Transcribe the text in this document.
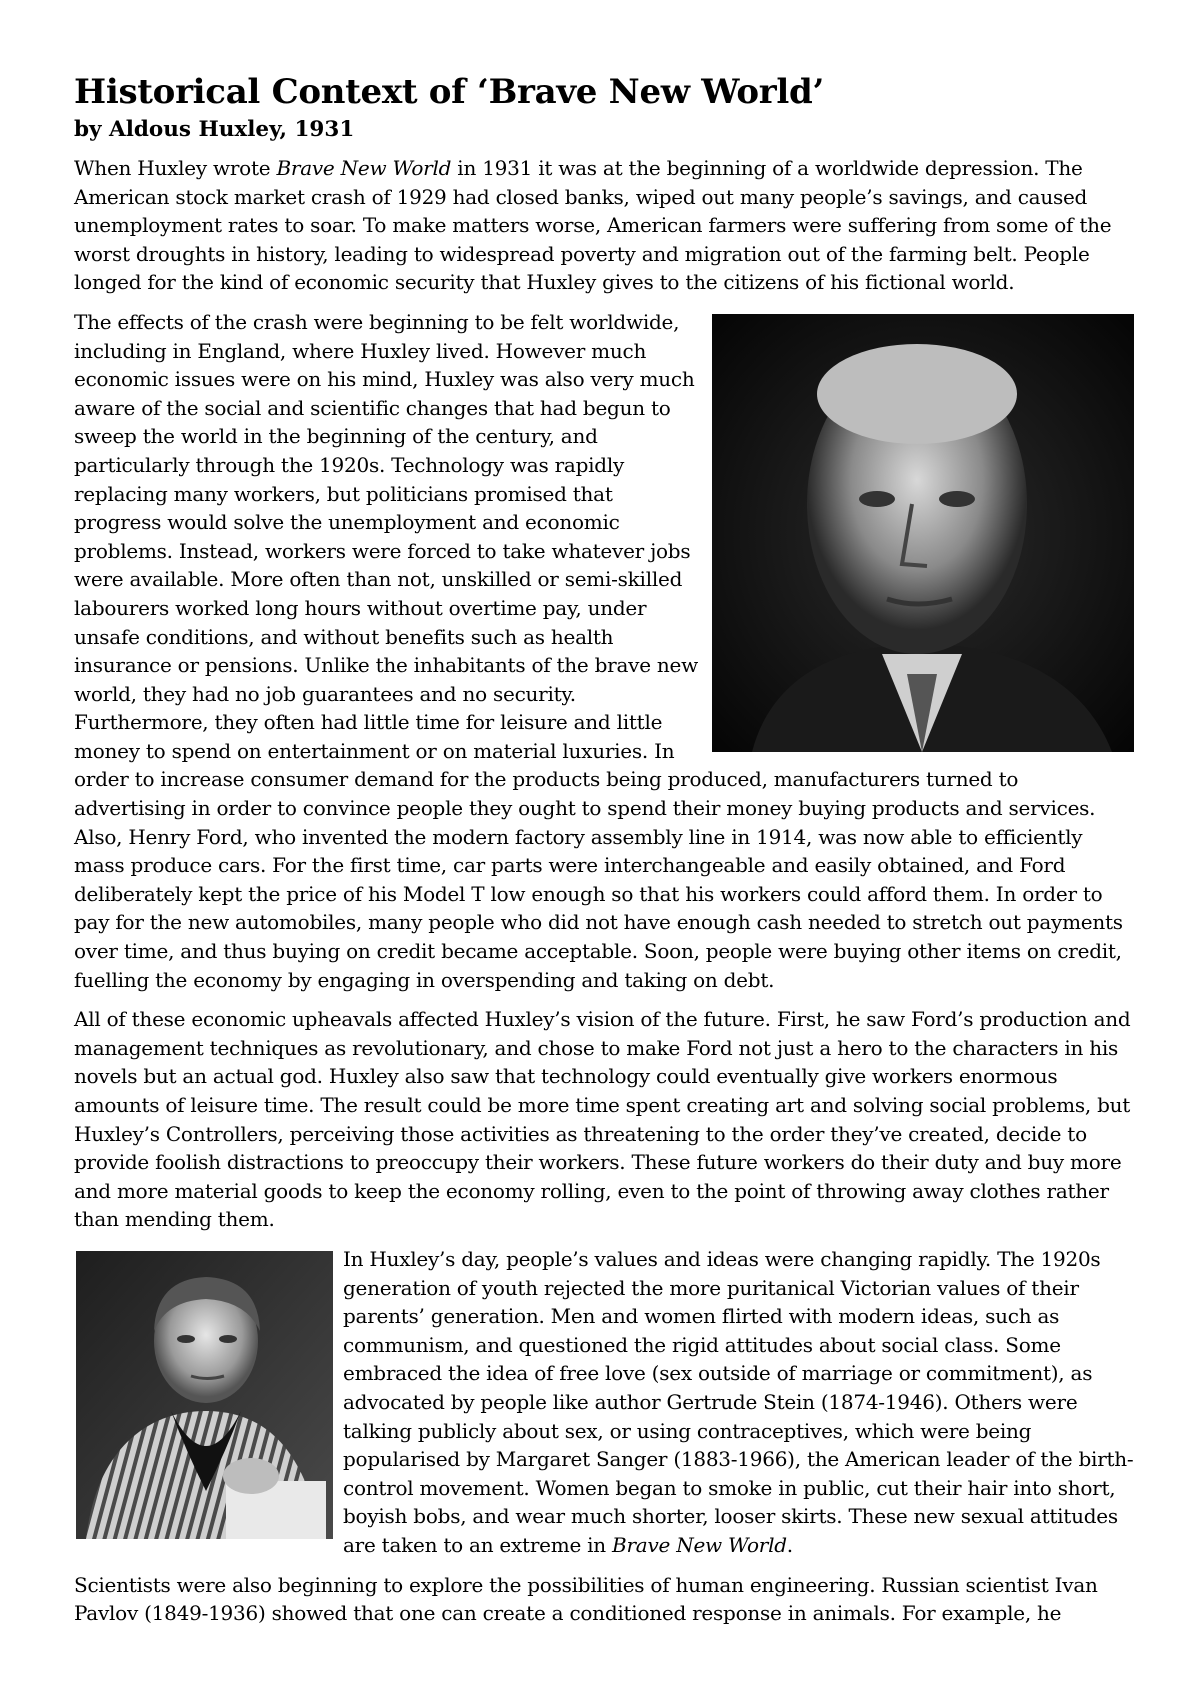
Historical Context of ‘Brave New World’
by Aldous Huxley, 1931

When Huxley wrote Brave New World in 1931 it was at the beginning of a worldwide depression. The American stock market crash of 1929 had closed banks, wiped out many people’s savings, and caused unemployment rates to soar. To make matters worse, American farmers were suffering from some of the worst droughts in history, leading to widespread poverty and migration out of the farming belt. People longed for the kind of economic security that Huxley gives to the citizens of his fictional world.

The effects of the crash were beginning to be felt worldwide, including in England, where Huxley lived. However much economic issues were on his mind, Huxley was also very much aware of the social and scientific changes that had begun to sweep the world in the beginning of the century, and particularly through the 1920s. Technology was rapidly replacing many workers, but politicians promised that progress would solve the unemployment and economic problems. Instead, workers were forced to take whatever jobs were available. More often than not, unskilled or semi-skilled labourers worked long hours without overtime pay, under unsafe conditions, and without benefits such as health insurance or pensions. Unlike the inhabitants of the brave new world, they had no job guarantees and no security. Furthermore, they often had little time for leisure and little money to spend on entertainment or on material luxuries. In order to increase consumer demand for the products being produced, manufacturers turned to advertising in order to convince people they ought to spend their money buying products and services. Also, Henry Ford, who invented the modern factory assembly line in 1914, was now able to efficiently mass produce cars. For the first time, car parts were interchangeable and easily obtained, and Ford deliberately kept the price of his Model T low enough so that his workers could afford them. In order to pay for the new automobiles, many people who did not have enough cash needed to stretch out payments over time, and thus buying on credit became acceptable. Soon, people were buying other items on credit, fuelling the economy by engaging in overspending and taking on debt.

All of these economic upheavals affected Huxley’s vision of the future. First, he saw Ford’s production and management techniques as revolutionary, and chose to make Ford not just a hero to the characters in his novels but an actual god. Huxley also saw that technology could eventually give workers enormous amounts of leisure time. The result could be more time spent creating art and solving social problems, but Huxley’s Controllers, perceiving those activities as threatening to the order they’ve created, decide to provide foolish distractions to preoccupy their workers. These future workers do their duty and buy more and more material goods to keep the economy rolling, even to the point of throwing away clothes rather than mending them.

In Huxley’s day, people’s values and ideas were changing rapidly. The 1920s generation of youth rejected the more puritanical Victorian values of their parents’ generation. Men and women flirted with modern ideas, such as communism, and questioned the rigid attitudes about social class. Some embraced the idea of free love (sex outside of marriage or commitment), as advocated by people like author Gertrude Stein (1874-1946). Others were talking publicly about sex, or using contraceptives, which were being popularised by Margaret Sanger (1883-1966), the American leader of the birth-control movement. Women began to smoke in public, cut their hair into short, boyish bobs, and wear much shorter, looser skirts. These new sexual attitudes are taken to an extreme in Brave New World.

Scientists were also beginning to explore the possibilities of human engineering. Russian scientist Ivan Pavlov (1849-1936) showed that one can create a conditioned response in animals. For example, he
